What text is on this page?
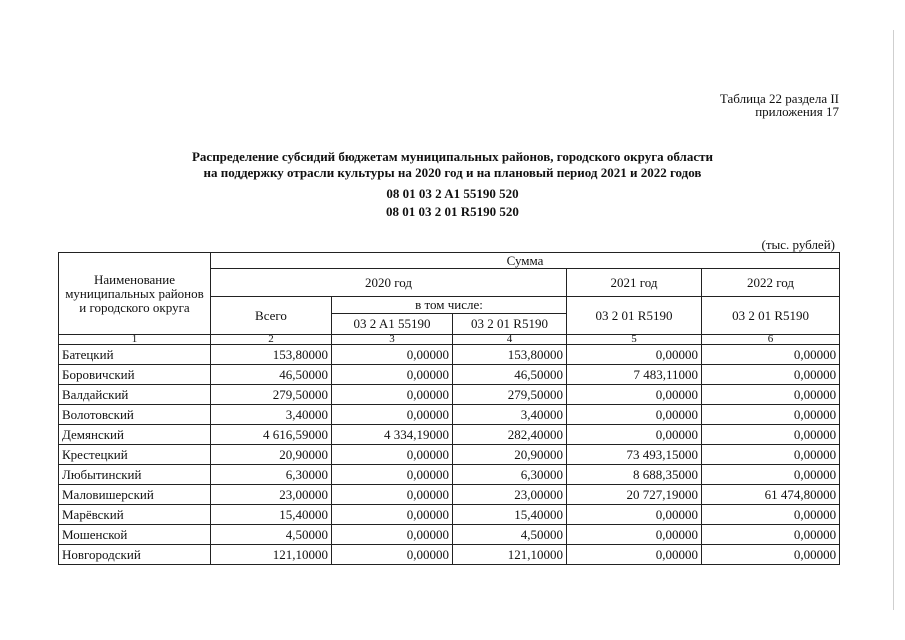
Таблица 22 раздела II
приложения 17
Распределение субсидий бюджетам муниципальных районов, городского округа области
на поддержку отрасли культуры на 2020 год и на плановый период 2021 и 2022 годов
08 01 03 2 A1 55190 520
08 01 03 2 01 R5190 520
(тыс. рублей)
Наименование муниципальных районов и городского округа	Сумма				
	2020 год			2021 год	2022 год
	Всего	в том числе:		03 2 01 R5190	03 2 01 R5190
		03 2 A1 55190	03 2 01 R5190		
1	2	3	4	5	6
Батецкий	153,80000	0,00000	153,80000	0,00000	0,00000
Боровичский	46,50000	0,00000	46,50000	7 483,11000	0,00000
Валдайский	279,50000	0,00000	279,50000	0,00000	0,00000
Волотовский	3,40000	0,00000	3,40000	0,00000	0,00000
Демянский	4 616,59000	4 334,19000	282,40000	0,00000	0,00000
Крестецкий	20,90000	0,00000	20,90000	73 493,15000	0,00000
Любытинский	6,30000	0,00000	6,30000	8 688,35000	0,00000
Маловишерский	23,00000	0,00000	23,00000	20 727,19000	61 474,80000
Марёвский	15,40000	0,00000	15,40000	0,00000	0,00000
Мошенской	4,50000	0,00000	4,50000	0,00000	0,00000
Новгородский	121,10000	0,00000	121,10000	0,00000	0,00000
